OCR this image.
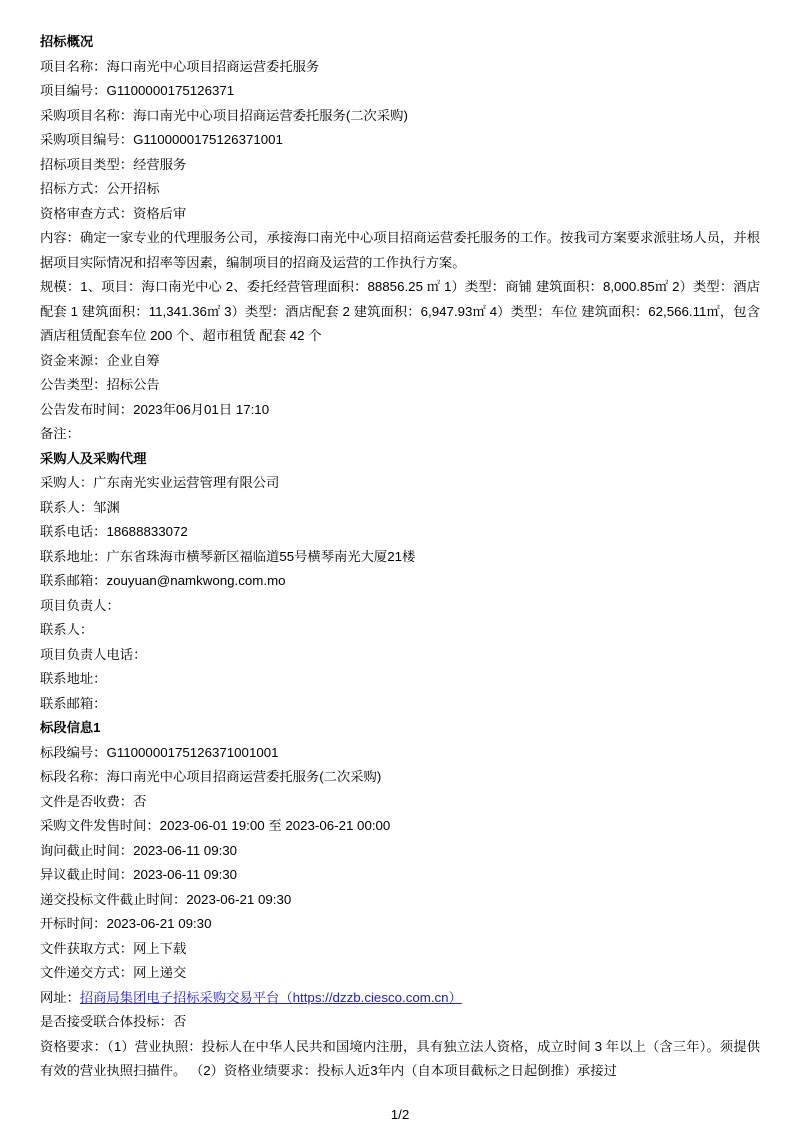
招标概况
项目名称：海口南光中心项目招商运营委托服务
项目编号：G1100000175126371
采购项目名称：海口南光中心项目招商运营委托服务(二次采购)
采购项目编号：G1100000175126371001
招标项目类型：经营服务
招标方式：公开招标
资格审查方式：资格后审
内容：确定一家专业的代理服务公司，承接海口南光中心项目招商运营委托服务的工作。按我司方案要求派驻场人员，并根据项目实际情况和招率等因素，编制项目的招商及运营的工作执行方案。
规模：1、项目：海口南光中心 2、委托经营管理面积：88856.25 ㎡ 1）类型：商铺 建筑面积：8,000.85㎡ 2）类型：酒店配套 1 建筑面积：11,341.36㎡ 3）类型：酒店配套 2 建筑面积：6,947.93㎡ 4）类型：车位 建筑面积：62,566.11㎡，包含酒店租赁配套车位 200 个、超市租赁 配套 42 个
资金来源：企业自筹
公告类型：招标公告
公告发布时间：2023年06月01日 17:10
备注：
采购人及采购代理
采购人：广东南光实业运营管理有限公司
联系人：邹渊
联系电话：18688833072
联系地址：广东省珠海市横琴新区福临道55号横琴南光大厦21楼
联系邮箱：zouyuan@namkwong.com.mo
项目负责人：
联系人：
项目负责人电话：
联系地址：
联系邮箱：
标段信息1
标段编号：G1100000175126371001001
标段名称：海口南光中心项目招商运营委托服务(二次采购)
文件是否收费：否
采购文件发售时间：2023-06-01 19:00 至 2023-06-21 00:00
询问截止时间：2023-06-11 09:30
异议截止时间：2023-06-11 09:30
递交投标文件截止时间：2023-06-21 09:30
开标时间：2023-06-21 09:30
文件获取方式：网上下载
文件递交方式：网上递交
网址：招商局集团电子招标采购交易平台（https://dzzb.ciesco.com.cn）
是否接受联合体投标：否
资格要求：（1）营业执照：投标人在中华人民共和国境内注册，具有独立法人资格，成立时间 3 年以上（含三年）。须提供有效的营业执照扫描件。 （2）资格业绩要求：投标人近3年内（自本项目截标之日起倒推）承接过
1/2
